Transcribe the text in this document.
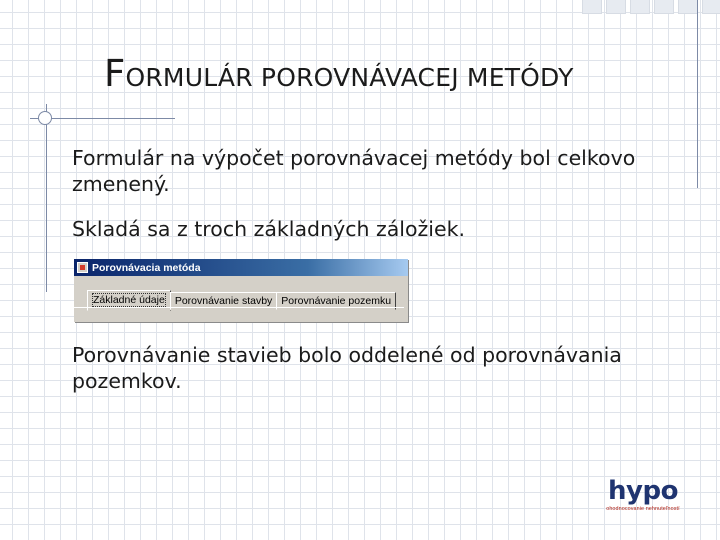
FORMULÁR POROVNÁVACEJ METÓDY

Formulár na výpočet porovnávacej metódy bol celkovo zmenený.

Skladá sa z troch základných záložiek.

Porovnávacia metóda
Základné údaje Porovnávanie stavby Porovnávanie pozemku

Porovnávanie stavieb bolo oddelené od porovnávania pozemkov.

hypo
ohodnocovanie nehnuteľností
